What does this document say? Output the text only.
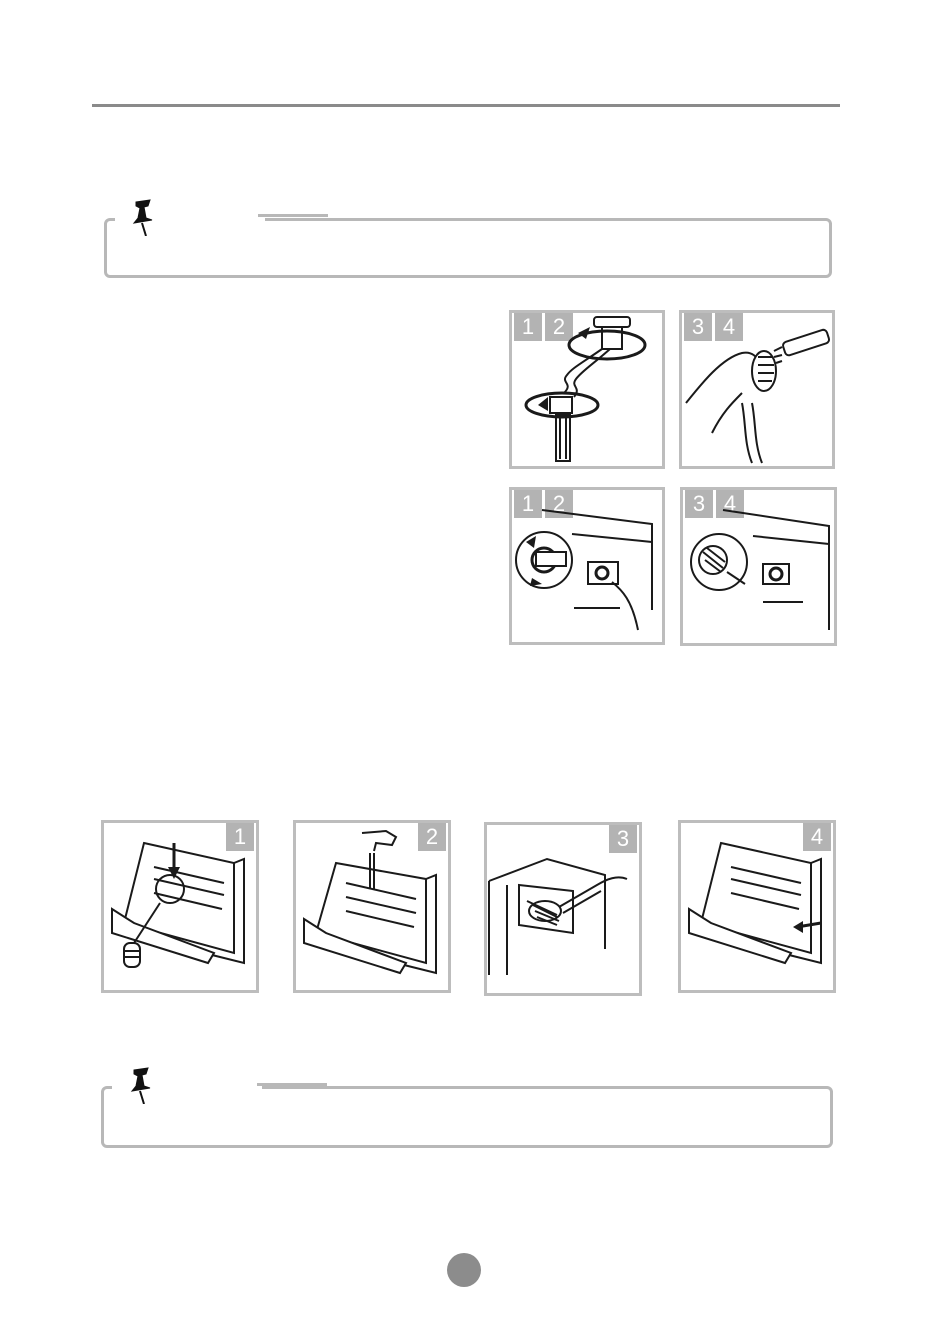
1 2	3 4
1 2	3 4
1	2	3	4
